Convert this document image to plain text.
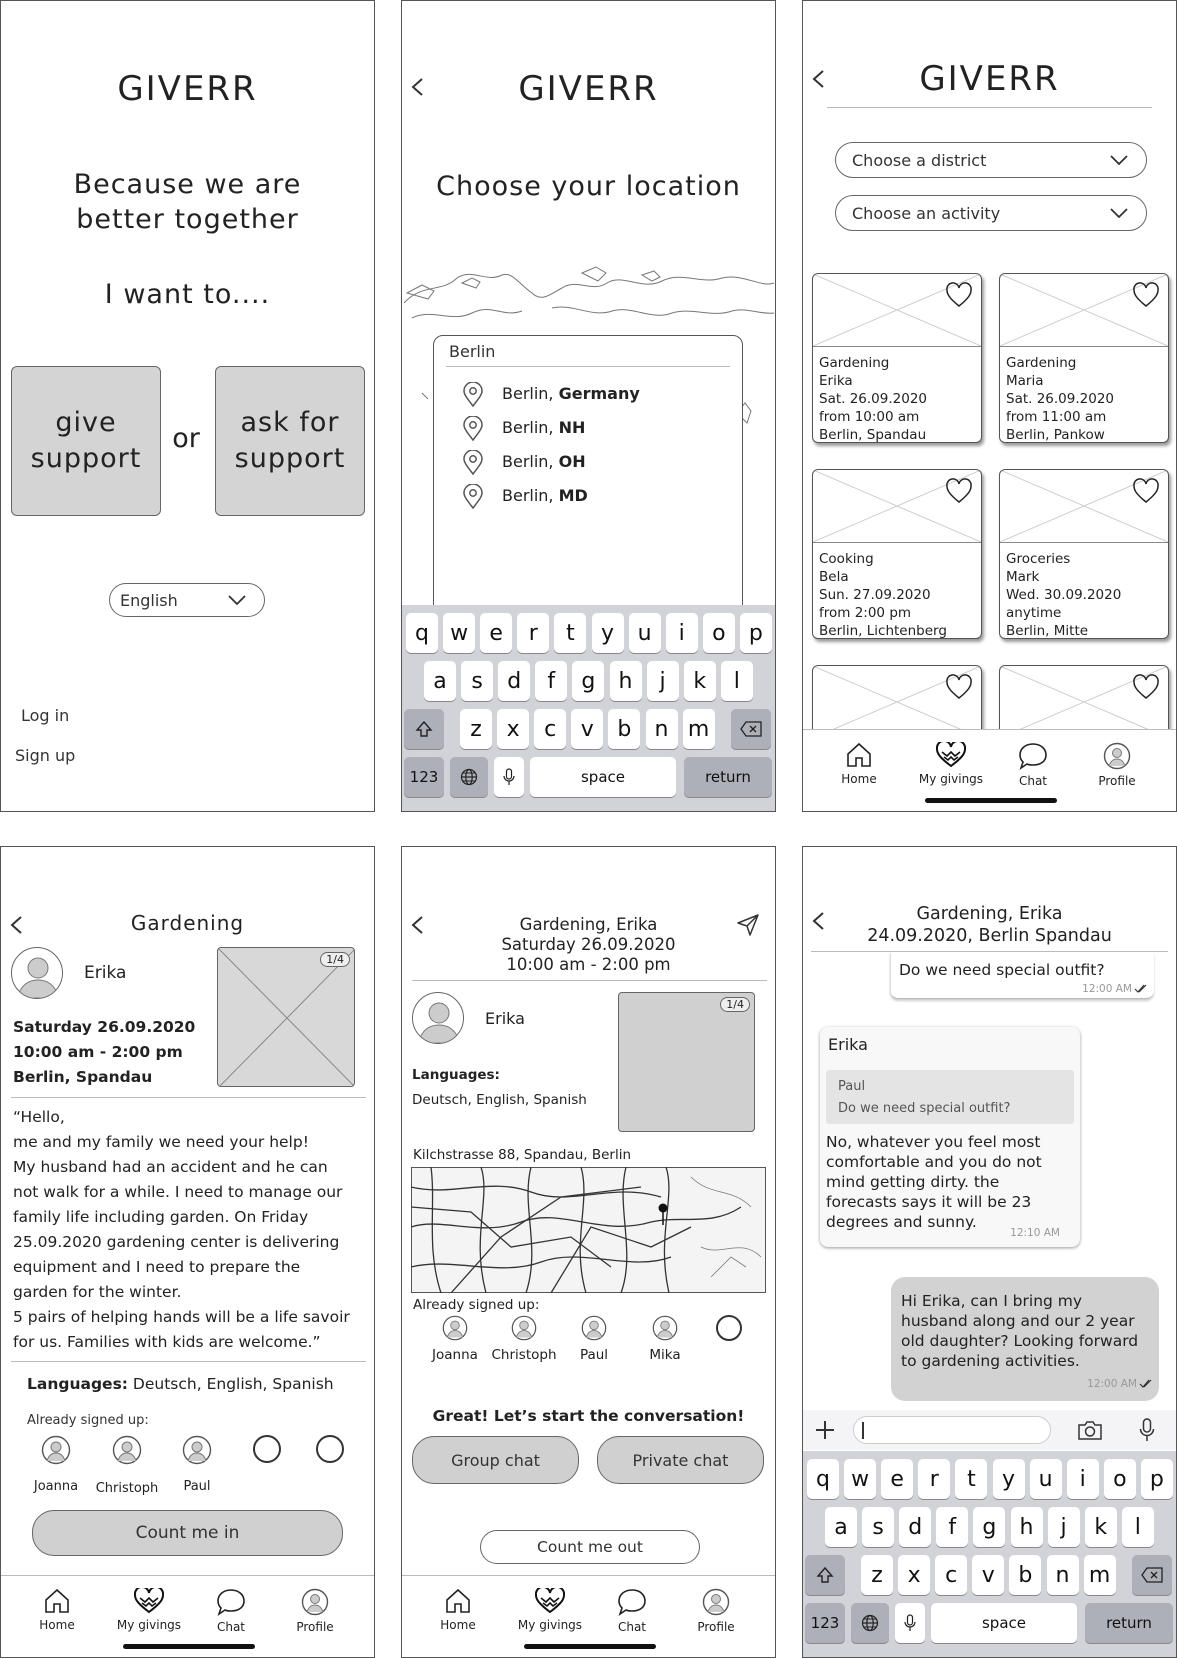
GIVERR
Because we are
better together
I want to....
give
support
or
ask for
support
English
Log in
Sign up
GIVERR
Choose your location
Berlin
Berlin, Germany
Berlin, NH
Berlin, OH
Berlin, MD
q w e	r	t	y	u	i	o	p
a	s	d	f	g	h	j	k	l
z	x	c	v	b	n m
123	space	return
GIVERR
Choose a district
Choose an activity
Gardening
Erika
Sat. 26.09.2020
from 10:00 am
Berlin, Spandau
Gardening
Maria
Sat. 26.09.2020
from 11:00 am
Berlin, Pankow
Cooking
Bela
Sun. 27.09.2020
from 2:00 pm
Berlin, Lichtenberg
Groceries
Mark
Wed. 30.09.2020
anytime
Berlin, Mitte
Home	My givings	Chat	Profile
Gardening
Erika
1/4
Saturday 26.09.2020
10:00 am - 2:00 pm
Berlin, Spandau
“Hello,
me and my family we need your help!
My husband had an accident and he can
not walk for a while. I need to manage our
family life including garden. On Friday
25.09.2020 gardening center is delivering
equipment and I need to prepare the
garden for the winter.
5 pairs of helping hands will be a life savoir
for us. Families with kids are welcome.”
Languages: Deutsch, English, Spanish
Already signed up:
Joanna	Christoph	Paul
Count me in
Home	My givings	Chat	Profile
Gardening, Erika
Saturday 26.09.2020
10:00 am - 2:00 pm
Erika
1/4
Languages:
Deutsch, English, Spanish
Kilchstrasse 88, Spandau, Berlin
Already signed up:
Joanna	Christoph	Paul	Mika
Great! Let’s start the conversation!
Group chat	Private chat
Count me out
Home	My givings	Chat	Profile
Gardening, Erika
24.09.2020, Berlin Spandau
Do we need special outfit?
12:00 AM
Erika
Paul
Do we need special outfit?
No, whatever you feel most
comfortable and you do not
mind getting dirty. the
forecasts says it will be 23
degrees and sunny.
12:10 AM
Hi Erika, can I bring my
husband along and our 2 year
old daughter? Looking forward
to gardening activities.
12:00 AM
q w e	r	t	y	u	i	o	p
a	s	d	f	g	h	j	k	l
z	x	c	v	b	n m
123	space	return
